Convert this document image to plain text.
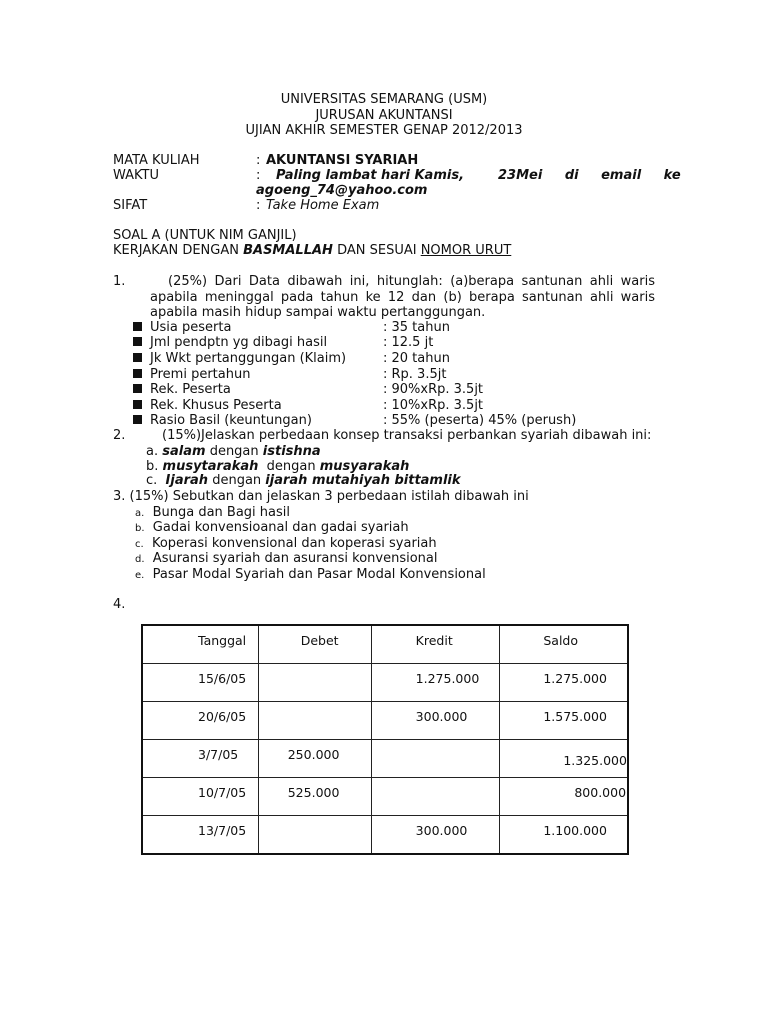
UNIVERSITAS SEMARANG (USM)
JURUSAN AKUNTANSI
UJIAN AKHIR SEMESTER GENAP 2012/2013
MATA KULIAH	: AKUNTANSI SYARIAH
WAKTU	: Paling lambat hari Kamis,	23Mei di email ke
agoeng_74@yahoo.com
SIFAT	: Take Home Exam
SOAL A (UNTUK NIM GANJIL)
KERJAKAN DENGAN BASMALLAH DAN SESUAI NOMOR URUT
1.	(25%) Dari Data dibawah ini, hitunglah: (a)berapa santunan ahli waris
apabila meninggal pada tahun ke 12 dan (b) berapa santunan ahli waris
apabila masih hidup sampai waktu pertanggungan.
Usia peserta	: 35 tahun
Jml pendptn yg dibagi hasil	: 12.5 jt
Jk Wkt pertanggungan (Klaim)	: 20 tahun
Premi pertahun	: Rp. 3.5jt
Rek. Peserta	: 90%xRp. 3.5jt
Rek. Khusus Peserta	: 10%xRp. 3.5jt
Rasio Basil (keuntungan)	: 55% (peserta) 45% (perush)
2.	(15%)Jelaskan perbedaan konsep transaksi perbankan syariah dibawah ini:
a. salam dengan istishna
b. musytarakah dengan musyarakah
c. Ijarah dengan ijarah mutahiyah bittamlik
3. (15%) Sebutkan dan jelaskan 3 perbedaan istilah dibawah ini
a. Bunga dan Bagi hasil
b. Gadai konvensioanal dan gadai syariah
c. Koperasi konvensional dan koperasi syariah
d. Asuransi syariah dan asuransi konvensional
e. Pasar Modal Syariah dan Pasar Modal Konvensional
4.
Tanggal	Debet	Kredit	Saldo

15/6/05		1.275.000	1.275.000

20/6/05		300.000	1.575.000

3/7/05	250.000		1.325.000

10/7/05	525.000		800.000

13/7/05		300.000	1.100.000
